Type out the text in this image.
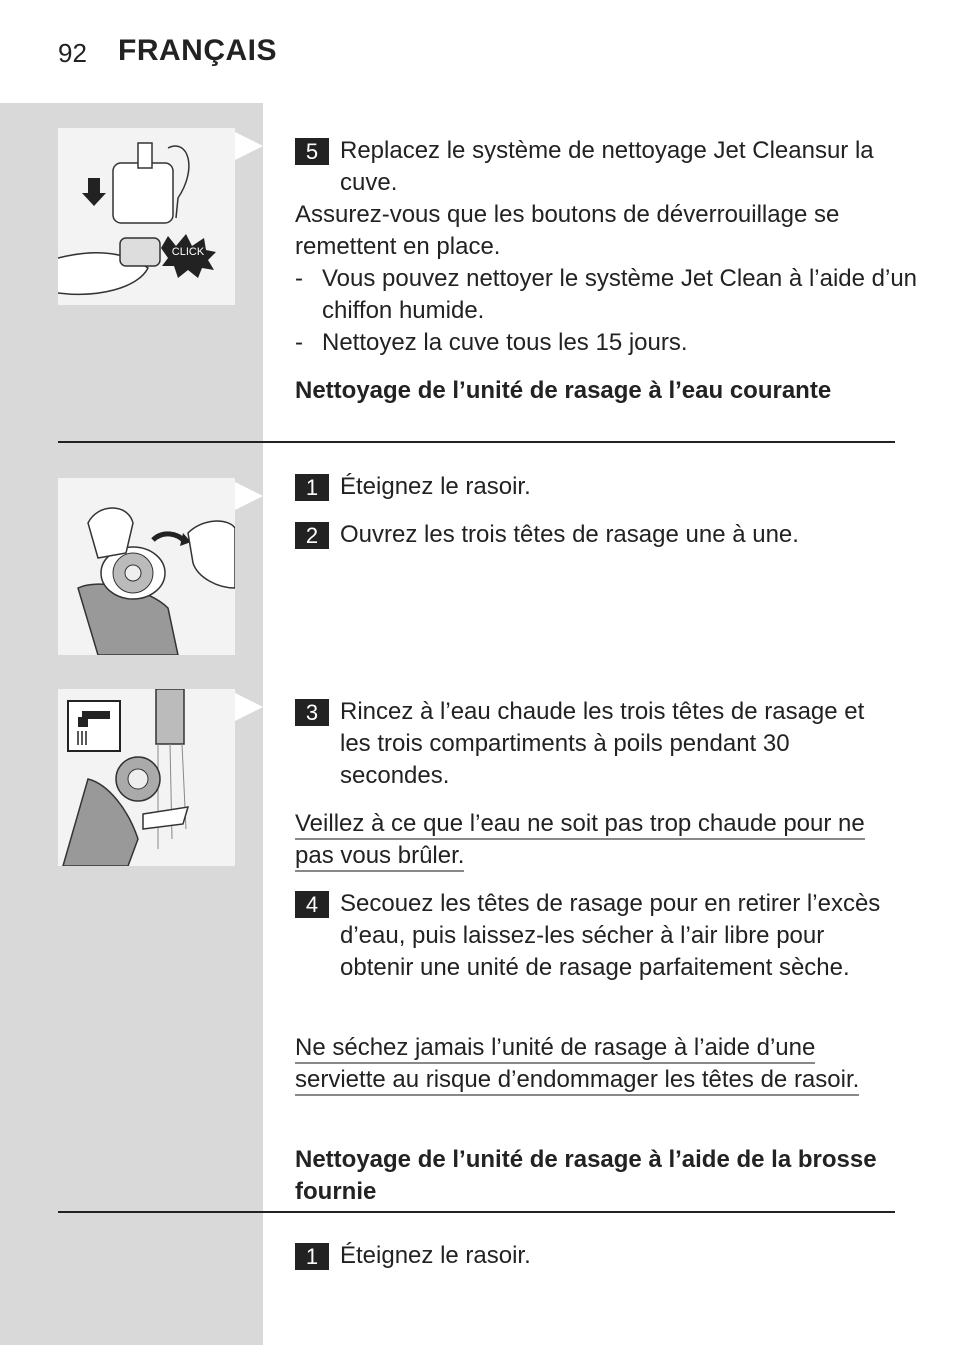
92 FRANÇAIS
CLICK
5 Replacez le système de nettoyage Jet Cleansur la cuve.
Assurez-vous que les boutons de déverrouillage se remettent en place.
- Vous pouvez nettoyer le système Jet Clean à l’aide d’un chiffon humide.
- Nettoyez la cuve tous les 15 jours.
Nettoyage de l’unité de rasage à l’eau courante
1 Éteignez le rasoir.
2 Ouvrez les trois têtes de rasage une à une.
3 Rincez à l’eau chaude les trois têtes de rasage et les trois compartiments à poils pendant 30 secondes.
Veillez à ce que l’eau ne soit pas trop chaude pour ne pas vous brûler.
4 Secouez les têtes de rasage pour en retirer l’excès d’eau, puis laissez-les sécher à l’air libre pour obtenir une unité de rasage parfaitement sèche.
Ne séchez jamais l’unité de rasage à l’aide d’une serviette au risque d’endommager les têtes de rasoir.
Nettoyage de l’unité de rasage à l’aide de la brosse fournie
1 Éteignez le rasoir.
